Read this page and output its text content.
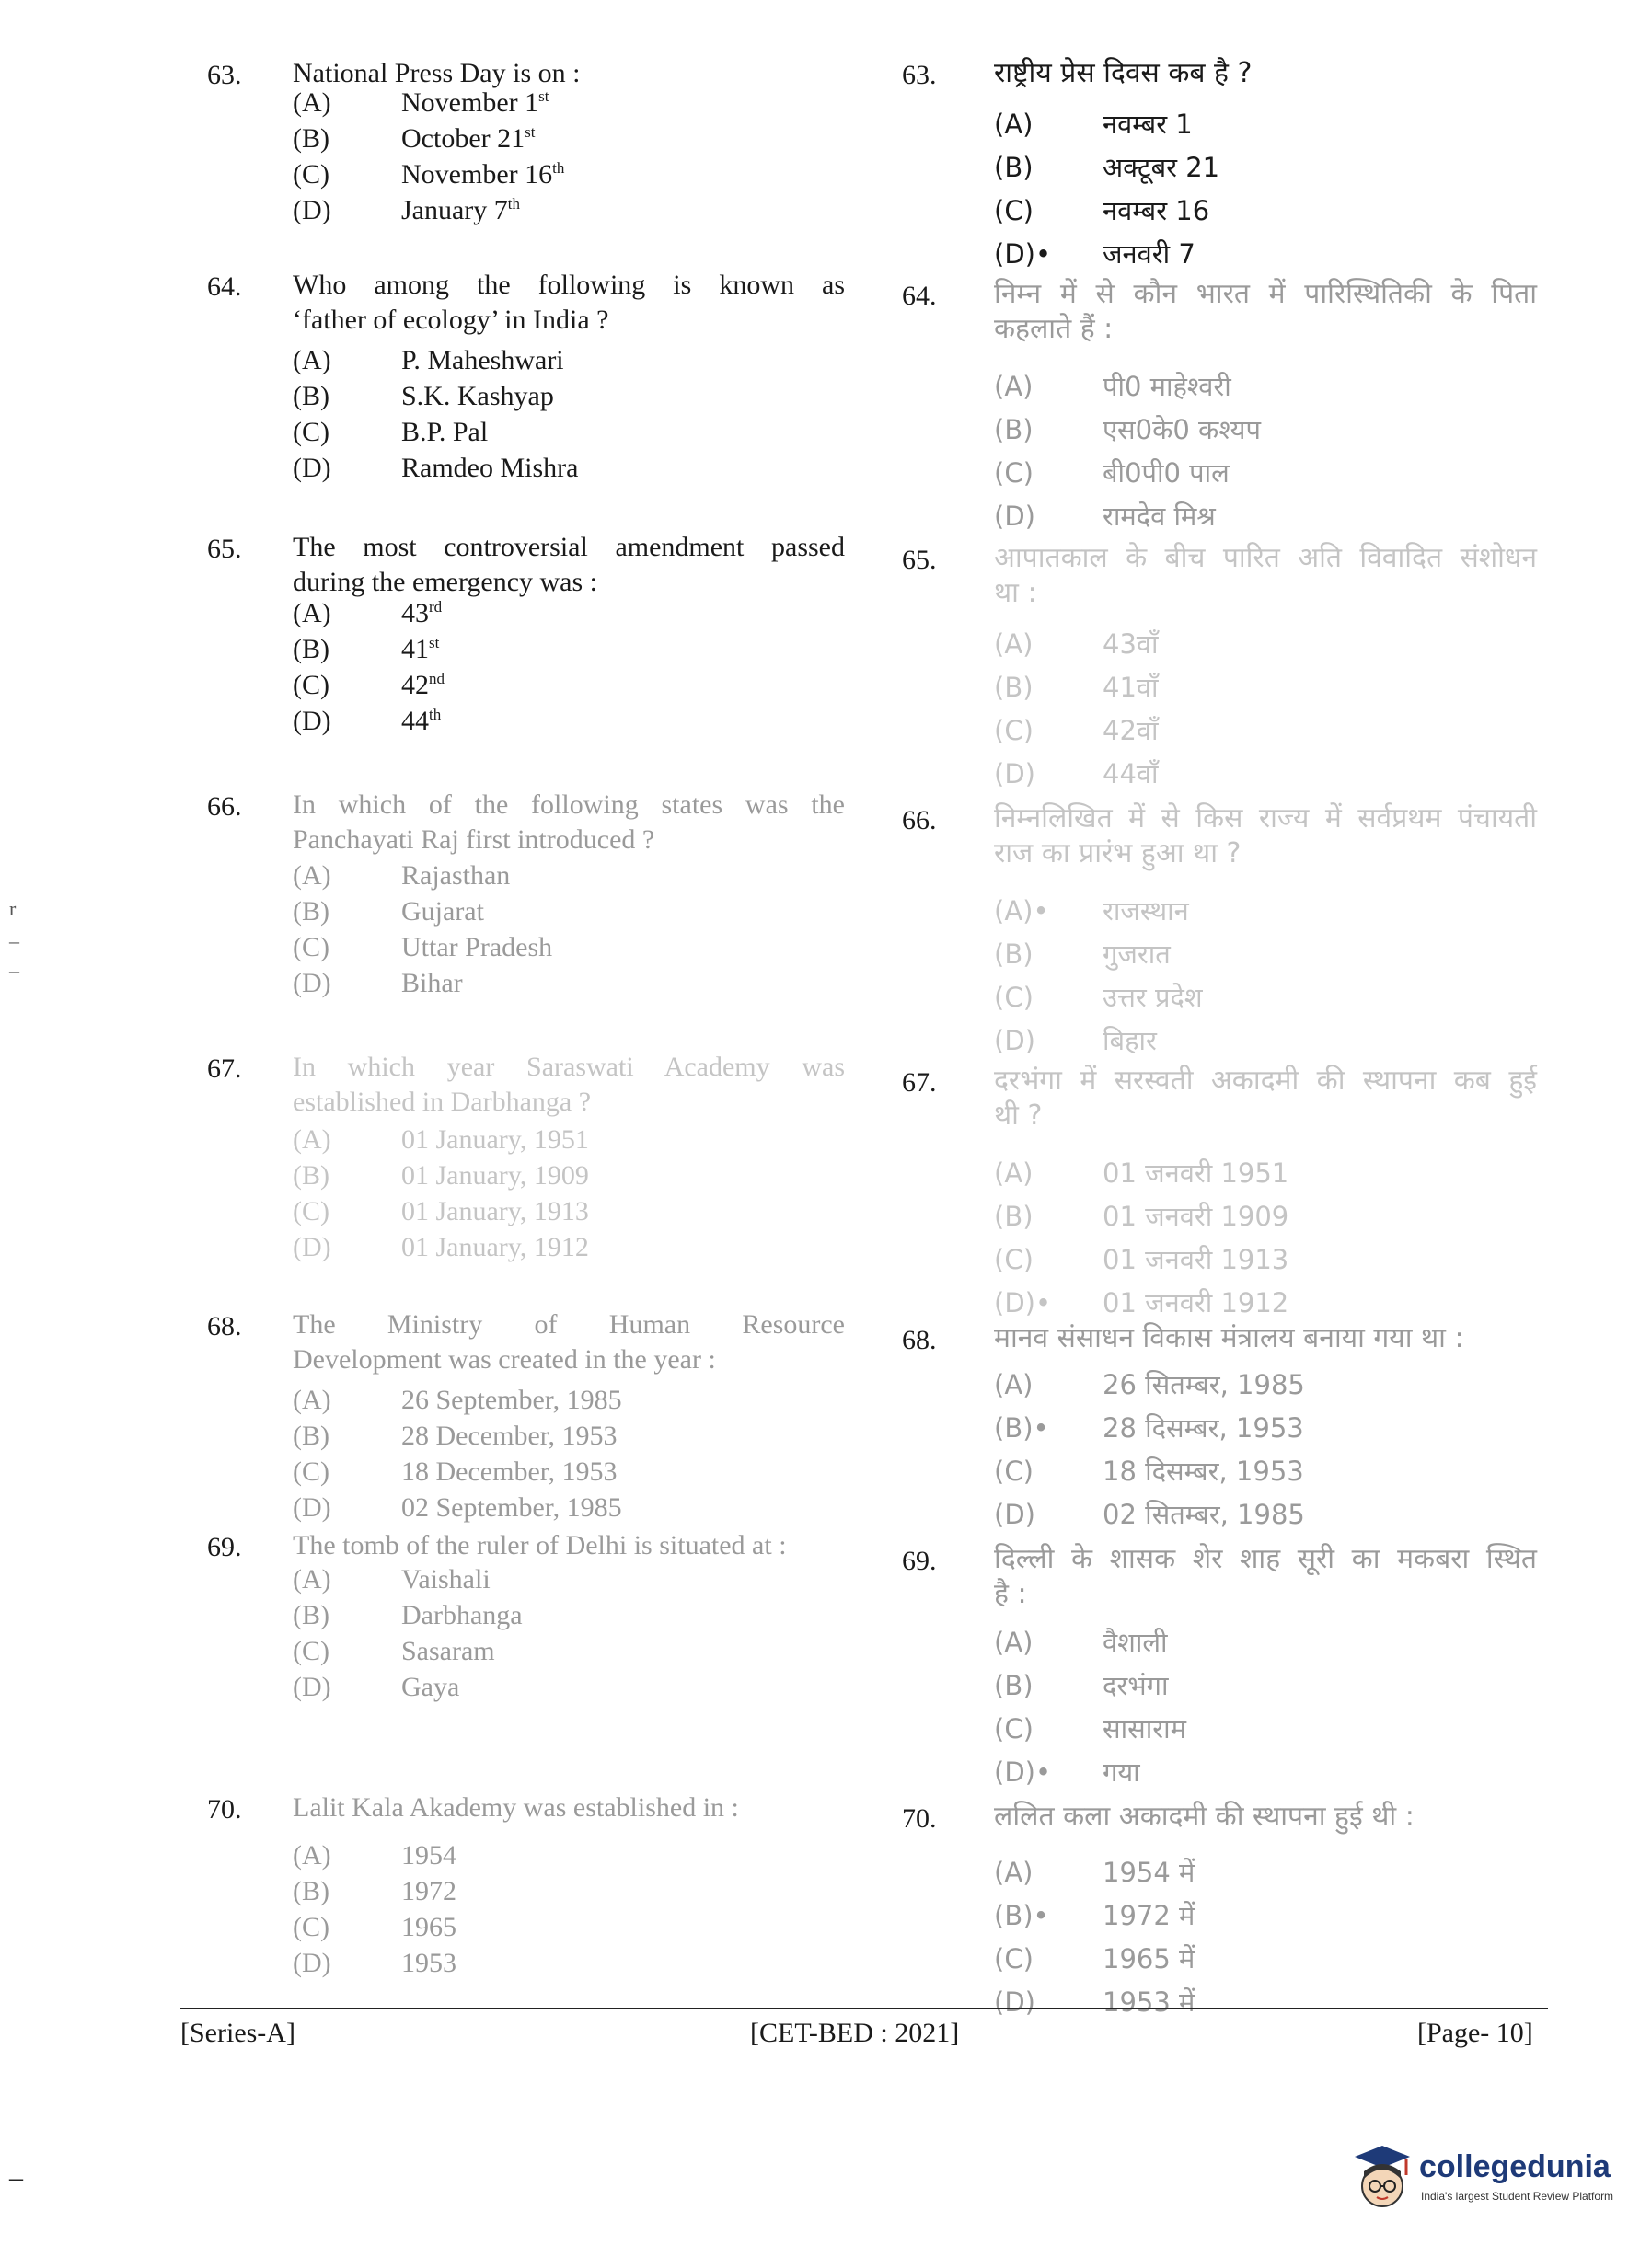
63. National Press Day is on :
(A)	November 1st
(B)	October 21st
(C)	November 16th
(D)	January 7th
64. Who among the following is known as
‘father of ecology’ in India ?
(A)	P. Maheshwari
(B)	S.K. Kashyap
(C)	B.P. Pal
(D)	Ramdeo Mishra
65. The most controversial amendment passed
during the emergency was :
(A)	43rd
(B)	41st
(C)	42nd
(D)	44th
66. In which of the following states was the
Panchayati Raj first introduced ?
(A)	Rajasthan
(B)	Gujarat
(C)	Uttar Pradesh
(D)	Bihar
67. In which year Saraswati Academy was
established in Darbhanga ?
(A)	01 January, 1951
(B)	01 January, 1909
(C)	01 January, 1913
(D)	01 January, 1912
68. The Ministry of Human Resource
Development was created in the year :
(A)	26 September, 1985
(B)	28 December, 1953
(C)	18 December, 1953
(D)	02 September, 1985
69. The tomb of the ruler of Delhi is situated at :
(A)	Vaishali
(B)	Darbhanga
(C)	Sasaram
(D)	Gaya
70. Lalit Kala Akademy was established in :
(A)	1954
(B)	1972
(C)	1965
(D)	1953
63. राष्ट्रीय प्रेस दिवस कब है ?
(A)	नवम्बर 1
(B)	अक्टूबर 21
(C)	नवम्बर 16
(D)• जनवरी 7
64. निम्न में से कौन भारत में पारिस्थितिकी के पिता
कहलाते हैं :
(A)	पी0 माहेश्वरी
(B)	एस0के0 कश्यप
(C)	बी0पी0 पाल
(D)	रामदेव मिश्र
65. आपातकाल के बीच पारित अति विवादित संशोधन
था :
(A)	43वाँ
(B)	41वाँ
(C)	42वाँ
(D)	44वाँ
66. निम्नलिखित में से किस राज्य में सर्वप्रथम पंचायती
राज का प्रारंभ हुआ था ?
(A)• राजस्थान
(B)	गुजरात
(C)	उत्तर प्रदेश
(D)	बिहार
67. दरभंगा में सरस्वती अकादमी की स्थापना कब हुई
थी ?
(A)	01 जनवरी 1951
(B)	01 जनवरी 1909
(C)	01 जनवरी 1913
(D)• 01 जनवरी 1912
68. मानव संसाधन विकास मंत्रालय बनाया गया था :
(A)	26 सितम्बर, 1985
(B)• 28 दिसम्बर, 1953
(C)	18 दिसम्बर, 1953
(D)	02 सितम्बर, 1985
69. दिल्ली के शासक शेर शाह सूरी का मकबरा स्थित
है :
(A)	वैशाली
(B)	दरभंगा
(C)	सासाराम
(D)• गया
70. ललित कला अकादमी की स्थापना हुई थी :
(A)	1954 में
(B)• 1972 में
(C)	1965 में
(D)	1953 में
r
–
–
–
[Series-A]	[CET-BED : 2021]	[Page- 10]
collegedunia
India's largest Student Review Platform
